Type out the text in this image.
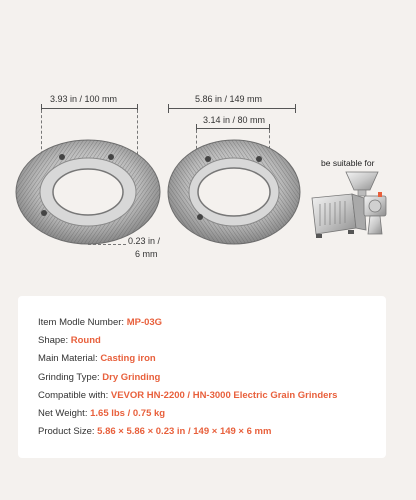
3.93 in / 100 mm	5.86 in / 149 mm
3.14 in / 80 mm
0.23 in /
6 mm
be suitable for
Item Modle Number: MP-03G
Shape: Round
Main Material: Casting iron
Grinding Type: Dry Grinding
Compatible with: VEVOR HN-2200 / HN-3000 Electric Grain Grinders
Net Weight: 1.65 lbs / 0.75 kg
Product Size: 5.86 × 5.86 × 0.23 in / 149 × 149 × 6 mm
